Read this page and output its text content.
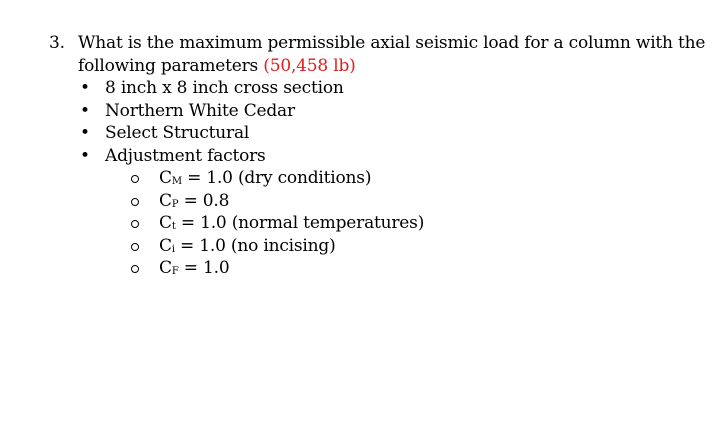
3. What is the maximum permissible axial seismic load for a column with the
following parameters (50,458 lb)
• 8 inch x 8 inch cross section
• Northern White Cedar
• Select Structural
• Adjustment factors
CM = 1.0 (dry conditions)
CP = 0.8
Ct = 1.0 (normal temperatures)
Ci = 1.0 (no incising)
CF = 1.0
